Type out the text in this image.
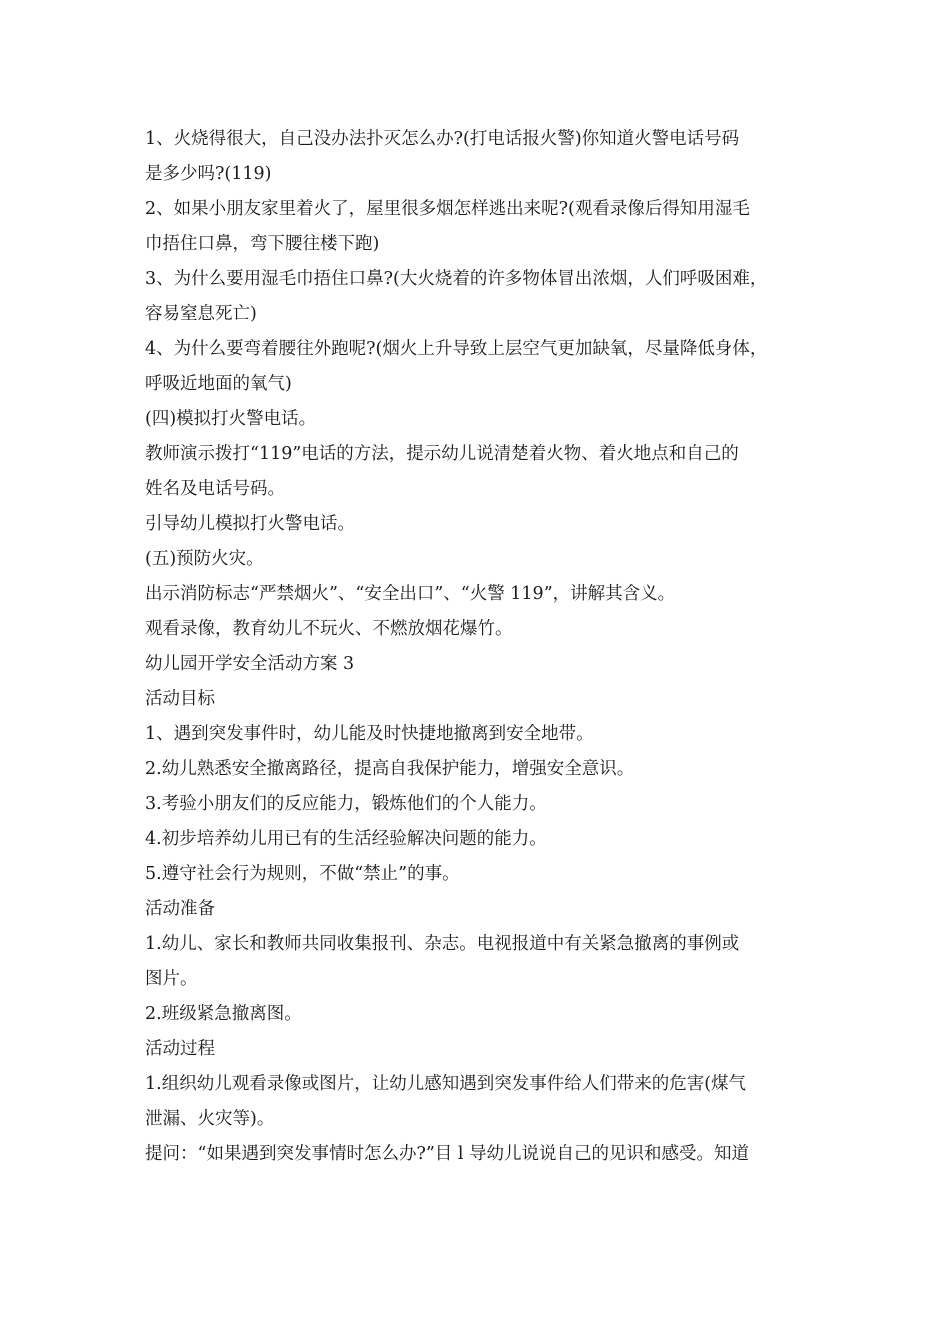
1、火烧得很大，自己没办法扑灭怎么办?(打电话报火警)你知道火警电话号码
是多少吗?(119)
2、如果小朋友家里着火了，屋里很多烟怎样逃出来呢?(观看录像后得知用湿毛
巾捂住口鼻，弯下腰往楼下跑)
3、为什么要用湿毛巾捂住口鼻?(大火烧着的许多物体冒出浓烟，人们呼吸困难，
容易窒息死亡)
4、为什么要弯着腰往外跑呢?(烟火上升导致上层空气更加缺氧，尽量降低身体，
呼吸近地面的氧气)
(四)模拟打火警电话。
教师演示拨打“119”电话的方法，提示幼儿说清楚着火物、着火地点和自己的
姓名及电话号码。
引导幼儿模拟打火警电话。
(五)预防火灾。
出示消防标志“严禁烟火”、“安全出口”、“火警 119”，讲解其含义。
观看录像，教育幼儿不玩火、不燃放烟花爆竹。
幼儿园开学安全活动方案 3
活动目标
1、遇到突发事件时，幼儿能及时快捷地撤离到安全地带。
2.幼儿熟悉安全撤离路径，提高自我保护能力，增强安全意识。
3.考验小朋友们的反应能力，锻炼他们的个人能力。
4.初步培养幼儿用已有的生活经验解决问题的能力。
5.遵守社会行为规则，不做“禁止”的事。
活动准备
1.幼儿、家长和教师共同收集报刊、杂志。电视报道中有关紧急撤离的事例或
图片。
2.班级紧急撤离图。
活动过程
1.组织幼儿观看录像或图片，让幼儿感知遇到突发事件给人们带来的危害(煤气
泄漏、火灾等)。
提问：“如果遇到突发事情时怎么办?”目 l 导幼儿说说自己的见识和感受。知道
